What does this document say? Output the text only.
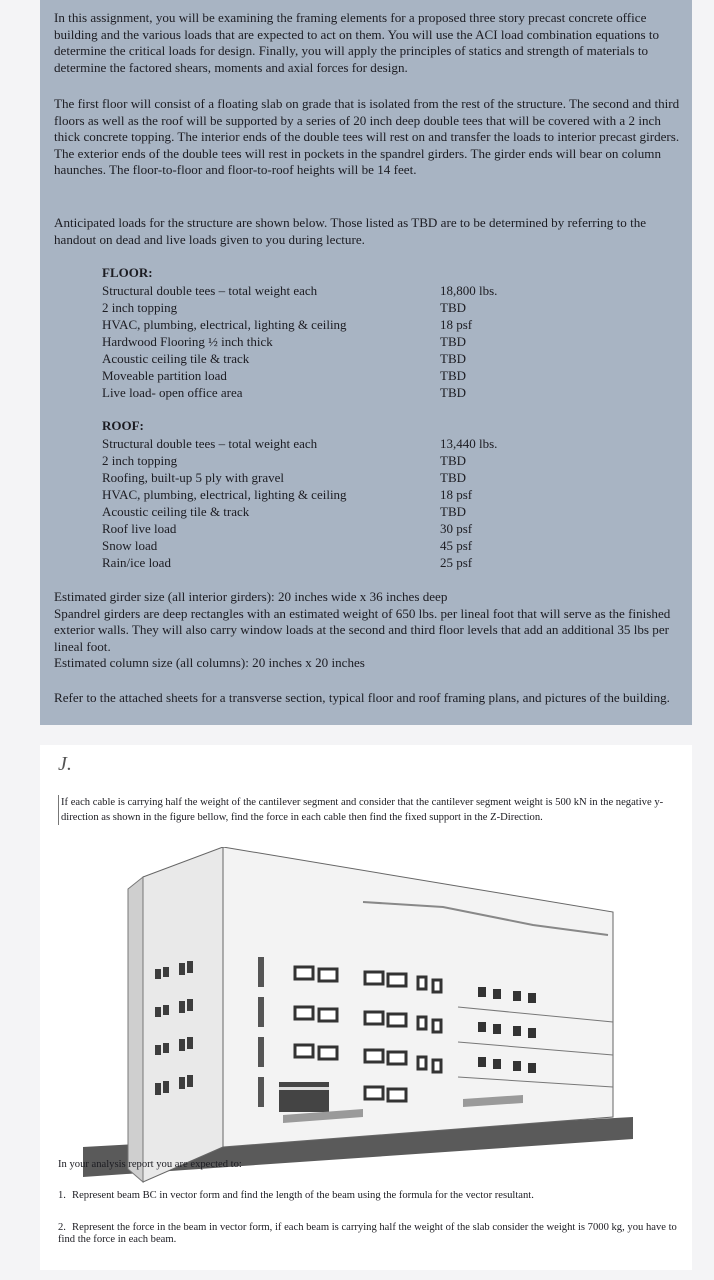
In this assignment, you will be examining the framing elements for a proposed three story precast concrete office building and the various loads that are expected to act on them. You will use the ACI load combination equations to determine the critical loads for design. Finally, you will apply the principles of statics and strength of materials to determine the factored shears, moments and axial forces for design.

The first floor will consist of a floating slab on grade that is isolated from the rest of the structure. The second and third floors as well as the roof will be supported by a series of 20 inch deep double tees that will be covered with a 2 inch thick concrete topping. The interior ends of the double tees will rest on and transfer the loads to interior precast girders. The exterior ends of the double tees will rest in pockets in the spandrel girders. The girder ends will bear on column haunches. The floor-to-floor and floor-to-roof heights will be 14 feet.

Anticipated loads for the structure are shown below. Those listed as TBD are to be determined by referring to the handout on dead and live loads given to you during lecture.

FLOOR:
Structural double tees – total weight each	18,800 lbs.
2 inch topping	TBD
HVAC, plumbing, electrical, lighting & ceiling	18 psf
Hardwood Flooring ½ inch thick	TBD
Acoustic ceiling tile & track	TBD
Moveable partition load	TBD
Live load- open office area	TBD
ROOF:
Structural double tees – total weight each	13,440 lbs.
2 inch topping	TBD
Roofing, built-up 5 ply with gravel	TBD
HVAC, plumbing, electrical, lighting & ceiling	18 psf
Acoustic ceiling tile & track	TBD
Roof live load	30 psf
Snow load	45 psf
Rain/ice load	25 psf
Estimated girder size (all interior girders): 20 inches wide x 36 inches deep
Spandrel girders are deep rectangles with an estimated weight of 650 lbs. per lineal foot that will serve as the finished exterior walls. They will also carry window loads at the second and third floor levels that add an additional 35 lbs per lineal foot.
Estimated column size (all columns): 20 inches x 20 inches

Refer to the attached sheets for a transverse section, typical floor and roof framing plans, and pictures of the building.

J.
If each cable is carrying half the weight of the cantilever segment and consider that the cantilever segment weight is 500 kN in the negative y-direction as shown in the figure bellow, find the force in each cable then find the fixed support in the Z-Direction.
In your analysis report you are expected to:
1. Represent beam BC in vector form and find the length of the beam using the formula for the vector resultant.
2. Represent the force in the beam in vector form, if each beam is carrying half the weight of the slab consider the weight is 7000 kg, you have to find the force in each beam.
